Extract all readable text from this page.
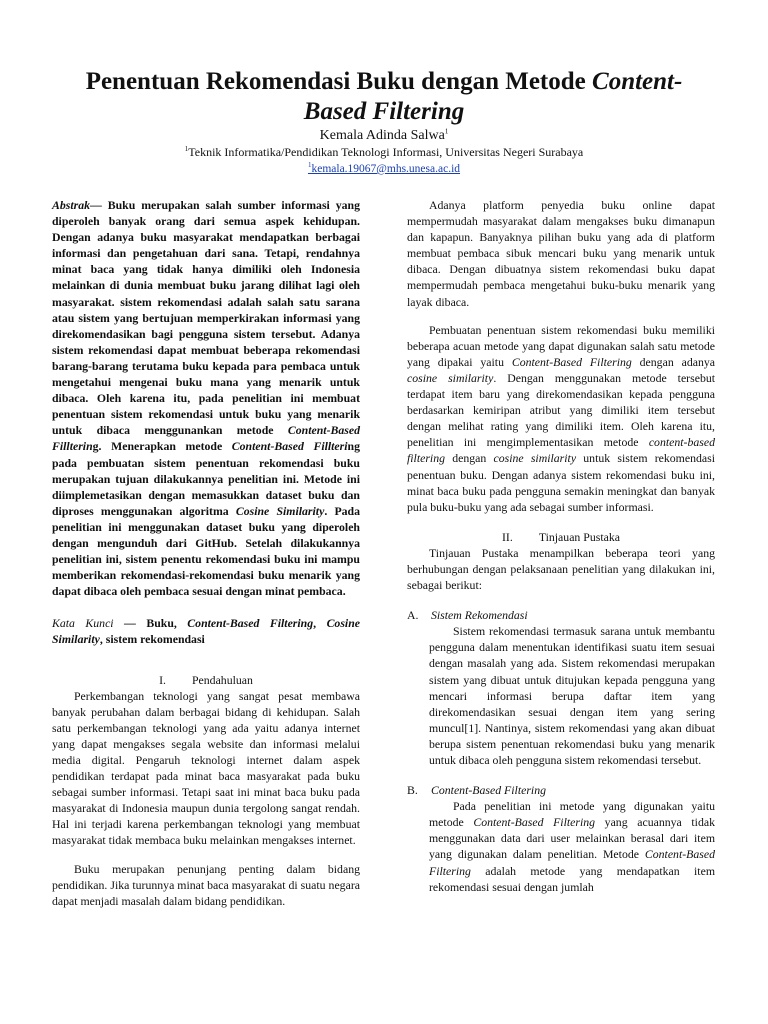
Penentuan Rekomendasi Buku dengan Metode Content-
Based Filtering
Kemala Adinda Salwa$^1$
$^1$Teknik Informatika/Pendidikan Teknologi Informasi, Universitas Negeri Surabaya
$^1$kemala.19067@mhs.unesa.ac.id

Abstrak— Buku merupakan salah sumber informasi yang diperoleh banyak orang dari semua aspek kehidupan. Dengan adanya buku masyarakat mendapatkan berbagai informasi dan pengetahuan dari sana. Tetapi, rendahnya minat baca yang tidak hanya dimiliki oleh Indonesia melainkan di dunia membuat buku jarang dilihat lagi oleh masyarakat. sistem rekomendasi adalah salah satu sarana atau sistem yang bertujuan memperkirakan informasi yang direkomendasikan bagi pengguna sistem tersebut. Adanya sistem rekomendasi dapat membuat beberapa rekomendasi barang-barang terutama buku kepada para pembaca untuk mengetahui mengenai buku mana yang menarik untuk dibaca. Oleh karena itu, pada penelitian ini membuat penentuan sistem rekomendasi untuk buku yang menarik untuk dibaca menggunankan metode Content-Based Filltering. Menerapkan metode Content-Based Filltering pada pembuatan sistem penentuan rekomendasi buku merupakan tujuan dilakukannya penelitian ini. Metode ini diimplemetasikan dengan memasukkan dataset buku dan diproses menggunakan algoritma Cosine Similarity. Pada penelitian ini menggunakan dataset buku yang diperoleh dengan mengunduh dari GitHub. Setelah dilakukannya penelitian ini, sistem penentu rekomendasi buku ini mampu memberikan rekomendasi-rekomendasi buku menarik yang dapat dibaca oleh pembaca sesuai dengan minat pembaca.

Kata Kunci — Buku, Content-Based Filtering, Cosine Similarity, sistem rekomendasi

I. Pendahuluan

Perkembangan teknologi yang sangat pesat membawa banyak perubahan dalam berbagai bidang di kehidupan. Salah satu perkembangan teknologi yang ada yaitu adanya internet yang dapat mengakses segala website dan informasi melalui media digital. Pengaruh teknologi internet dalam aspek pendidikan terdapat pada minat baca masyarakat pada buku sebagai sumber informasi. Tetapi saat ini minat baca buku pada masyarakat di Indonesia maupun dunia tergolong sangat rendah. Hal ini terjadi karena perkembangan teknologi yang membuat masyarakat tidak membaca buku melainkan mengakses internet.

Buku merupakan penunjang penting dalam bidang pendidikan. Jika turunnya minat baca masyarakat di suatu negara dapat menjadi masalah dalam bidang pendidikan.

Adanya platform penyedia buku online dapat mempermudah masyarakat dalam mengakses buku dimanapun dan kapapun. Banyaknya pilihan buku yang ada di platform membuat pembaca sibuk mencari buku yang menarik untuk dibaca. Dengan dibuatnya sistem rekomendasi buku dapat mempermudah pembaca mengetahui buku-buku menarik yang layak dibaca.

Pembuatan penentuan sistem rekomendasi buku memiliki beberapa acuan metode yang dapat digunakan salah satu metode yang dipakai yaitu Content-Based Filtering dengan adanya cosine similarity. Dengan menggunakan metode tersebut terdapat item baru yang direkomendasikan kepada pengguna berdasarkan kemiripan atribut yang dimiliki item tersebut dengan melihat rating yang dimiliki item. Oleh karena itu, penelitian ini mengimplementasikan metode content-based filtering dengan cosine similarity untuk sistem rekomendasi penentuan buku. Dengan adanya sistem rekomendasi buku ini, minat baca buku pada pengguna semakin meningkat dan banyak pula buku-buku yang ada sebagai sumber informasi.

II. Tinjauan Pustaka

Tinjauan Pustaka menampilkan beberapa teori yang berhubungan dengan pelaksanaan penelitian yang dilakukan ini, sebagai berikut:

A. Sistem Rekomendasi

Sistem rekomendasi termasuk sarana untuk membantu pengguna dalam menentukan identifikasi suatu item sesuai dengan masalah yang ada. Sistem rekomendasi merupakan sistem yang dibuat untuk ditujukan kepada pengguna yang mencari informasi berupa daftar item yang direkomendasikan sesuai dengan item yang sering muncul[1]. Nantinya, sistem rekomendasi yang akan dibuat berupa sistem penentuan rekomendasi buku yang menarik untuk dibaca oleh pengguna sistem rekomendasi tersebut.

B. Content-Based Filtering

Pada penelitian ini metode yang digunakan yaitu metode Content-Based Filtering yang acuannya tidak menggunakan data dari user melainkan berasal dari item yang digunakan dalam penelitian. Metode Content-Based Filtering adalah metode yang mendapatkan item rekomendasi sesuai dengan jumlah
